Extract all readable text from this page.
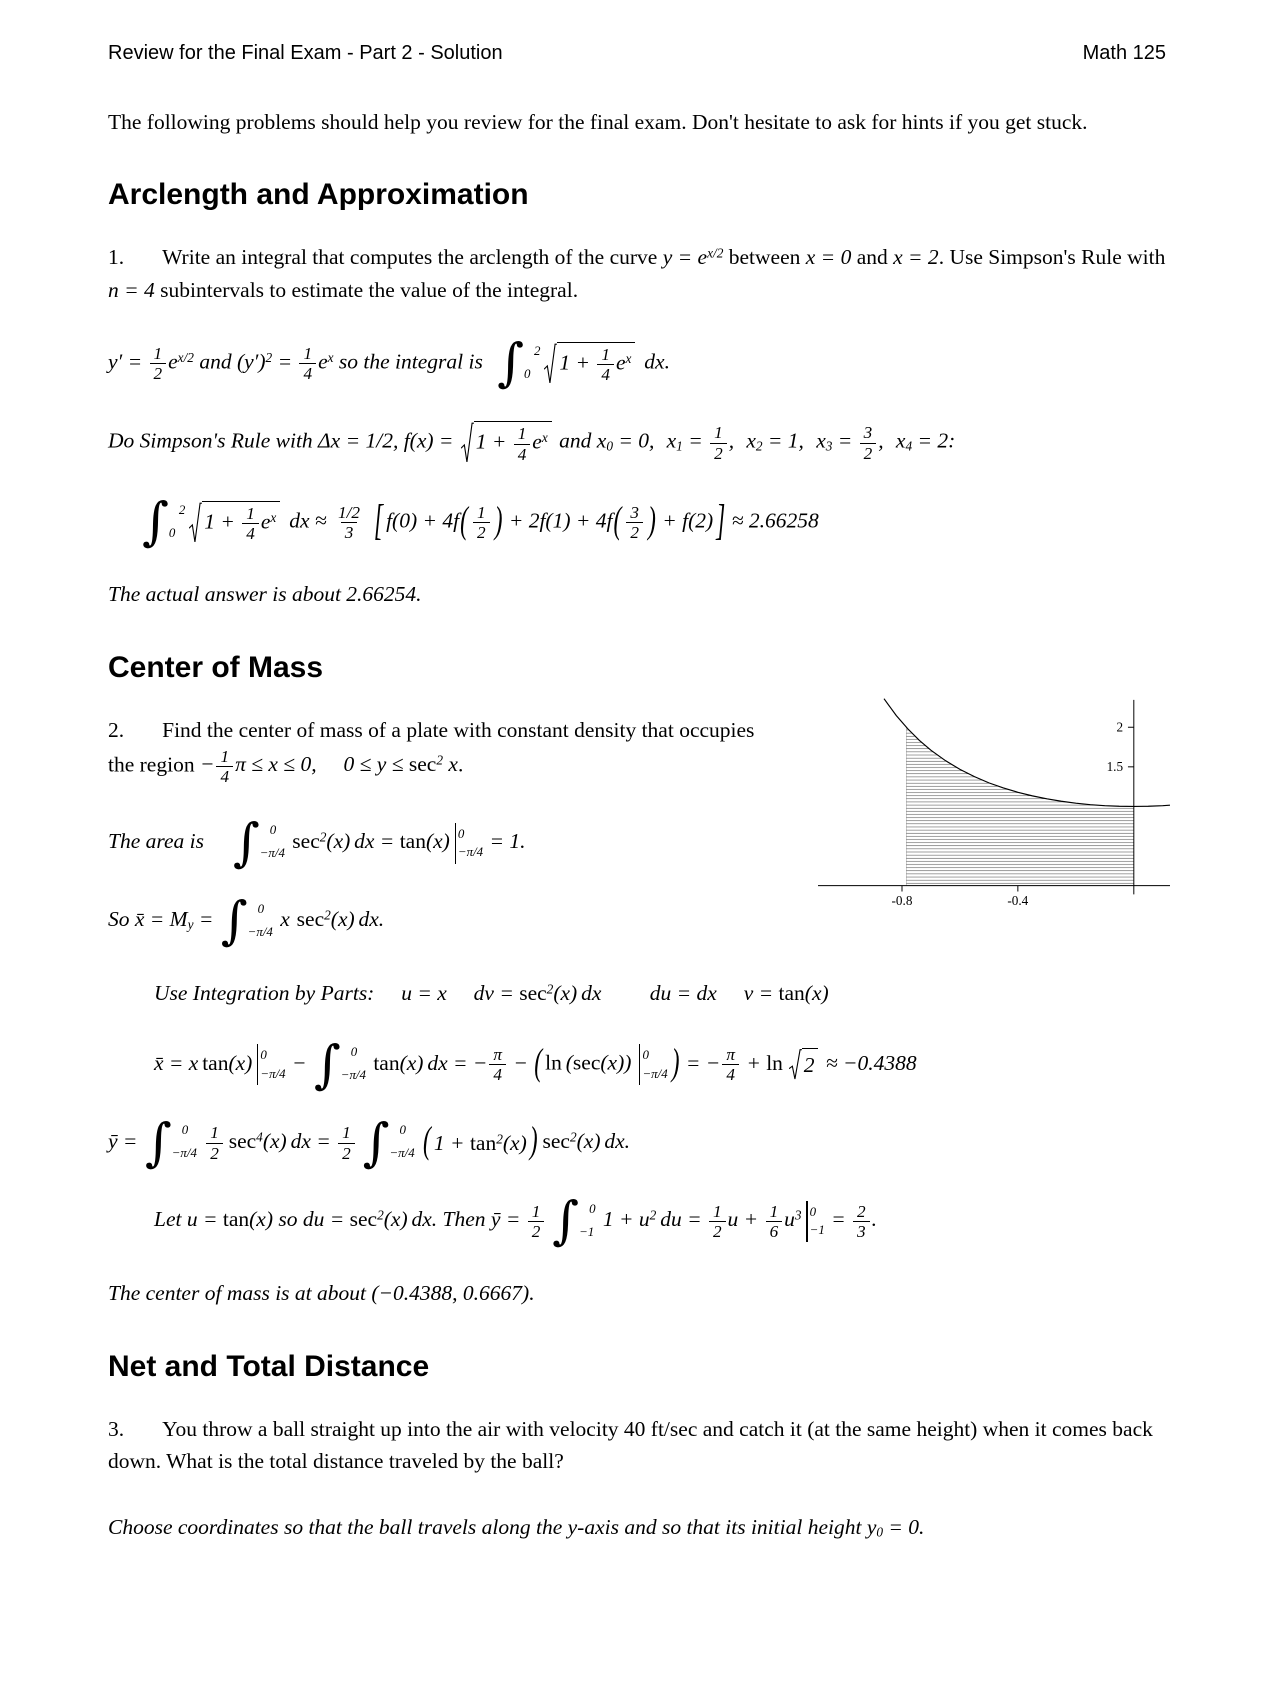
Review for the Final Exam - Part 2 - Solution	Math 125

The following problems should help you review for the final exam. Don't hesitate to ask for hints if you get stuck.

Arclength and Approximation

1. Write an integral that computes the arclength of the curve $y = e^{x/2}$ between x = 0 and x = 2. Use Simpson's Rule with n = 4 subintervals to estimate the value of the integral.

$y' = \frac{1}{2} e^{x/2}$ and $(y')^2 = \frac{1}{4} e^x$ so the integral is ∫ 2
0 $1 + \frac{1}{4} e^x$ dx.
Do Simpson's Rule with Δx = 1/2, $f(x) = 1 + \frac{1}{4} e^x$ and $x_0 = 0$, $x_1 = \frac{1}{2}$ , $x_2 = 1$, $x_3 = \frac{3}{2}$ , $x_4 = 2$:
∫ 2
0 $1 + \frac{1}{4} e^x$ dx ≈ $\frac{1/2}{3}$ [ f(0) + 4f ( $\frac{1}{2}$ ) + 2f(1) + 4f ( $\frac{3}{2}$ ) + f(2) ] ≈ 2.66258
The actual answer is about 2.66254.
Center of Mass
2
1.5
-0.8	-0.4

2. Find the center of mass of a plate with constant density that occupies the region − $\frac{1}{4}$ π ≤ x ≤ 0, $0 \le y \le \sec^2 x$.

The area is ∫ 0
−π/4
$\sec^2(x)$ dx = tan(x) 0
−π/4 = 1.
So x̄ = $M_y$ = ∫ 0
−π/4
x $\sec^2(x)$ dx.
Use Integration by Parts: u = x dv = $\sec^2(x)$ dx du = dx v = tan(x)
x̄ = x tan(x) 0
−π/4 − ∫ 0
−π/4
tan(x) dx = − $\frac{\pi}{4}$ − ( ln (sec(x)) 0
−π/4 ) = − $\frac{\pi}{4} + \ln 2 \approx -0.4388$
ȳ = ∫ 0
−π/4
$\frac{1}{2} \sec^4(x)$ dx = $\frac{1}{2}$ ∫ 0
−π/4
( $1 + \tan^2(x)$ ) $\sec^2(x)$ dx.
Let u = tan(x) so du = $\sec^2(x)$ dx. Then ȳ = $\frac{1}{2}$ ∫ 0
−1
$1 + u^2$ du = $\frac{1}{2}$ $u + \frac{1}{6} u^3$ 0
$-1 = \frac{2}{3}$ .
The center of mass is at about (−0.4388, 0.6667).
Net and Total Distance

3. You throw a ball straight up into the air with velocity 40 ft/sec and catch it (at the same height) when it comes back down. What is the total distance traveled by the ball?

Choose coordinates so that the ball travels along the y-axis and so that its initial height $y_0 = 0$.
